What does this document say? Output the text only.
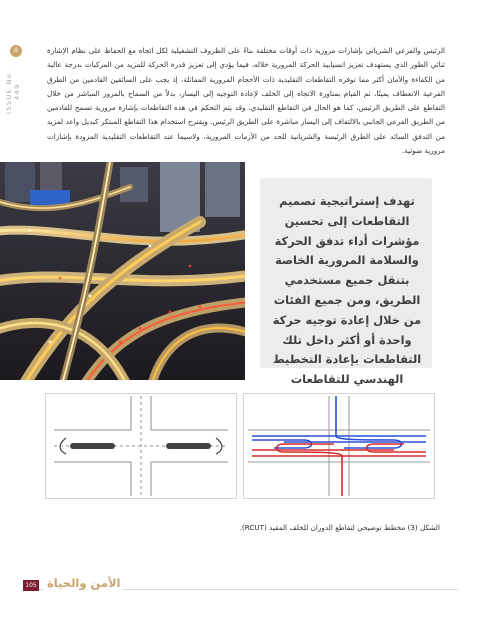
☼
ISSUE No. 449

الرئيس والفرعي الشرياني بإشارات مرورية ذات أوقات مختلفة بناءً على الظروف التشغيلية لكل اتجاه مع الحفاظ على نظام الإشارة ثنائي الطور الذي يستهدف تعزيز انسيابية الحركة المرورية خلاله، فيما يؤدي إلى تعزيز قدرة الحركة للمزيد من المركبات بدرجة عالية من الكفاءة والأمان أكثر مما توفره التقاطعات التقليدية ذات الأحجام المرورية المماثلة، إذ يجب على السائقين القادمين من الطرق الفرعية الانعطاف يمينًا، ثم القيام بمناورة الاتجاه إلى الخلف لإعادة التوجيه إلى اليسار، بدلاً من السماح بالمرور المباشر من خلال التقاطع على الطريق الرئيس، كما هو الحال في التقاطع التقليدي. وقد يتم التحكم في هذه التقاطعات بإشارة مرورية تسمح للقادمين من الطريق الفرعي الجانبي بالالتفاف إلى اليسار مباشرة على الطريق الرئيس. ويقترح استخدام هذا التقاطع المبتكر كبديل واعد لمزيد من التدفق السائد على الطرق الرئيسة والشريانية للحد من الأزمات المرورية، ولاسيما عند التقاطعات التقليدية المزودة بإشارات مرورية ضوئية.

تهدف إستراتيجية تصميم التقاطعات إلى تحسين مؤشرات أداء تدفق الحركة والسلامة المرورية الخاصة بتنقل جميع مستخدمي الطريق، ومن جميع الفئات من خلال إعادة توجيه حركة واحدة أو أكثر داخل تلك التقاطعات بإعادة التخطيط الهندسي للتقاطعات
الشكل (3) مخطط توضيحي لتقاطع الدوران للخلف المقيد (RCUT).
105 الأمن والحياة
